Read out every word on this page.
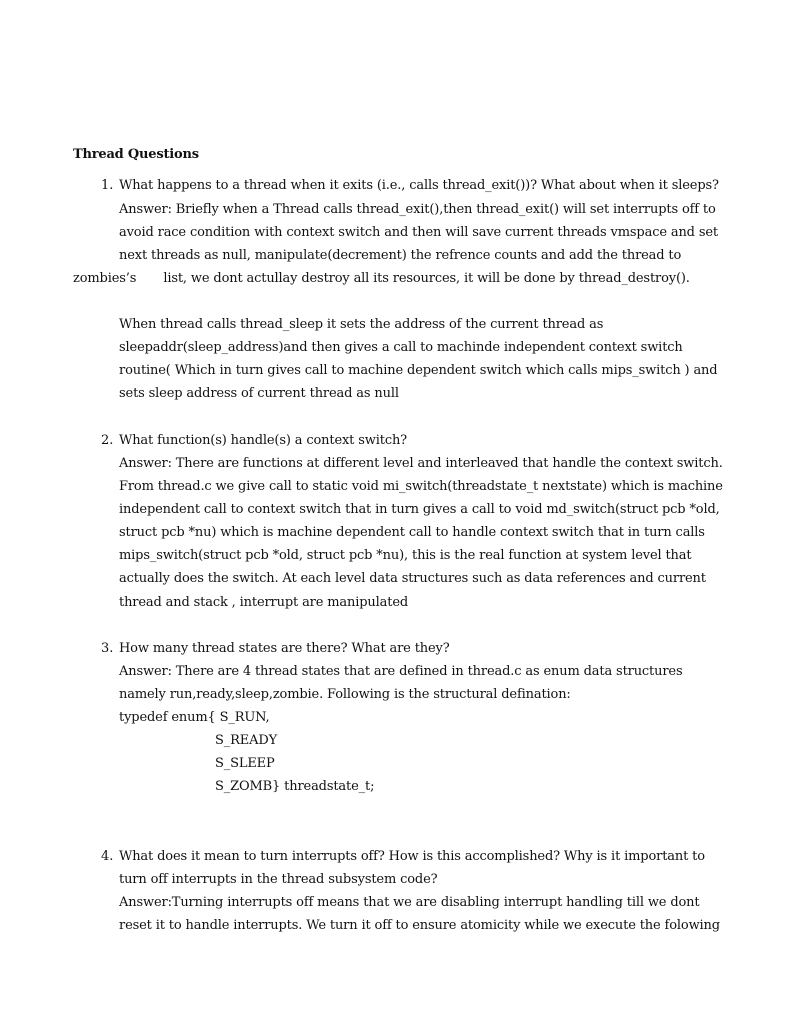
Thread Questions
1. What happens to a thread when it exits (i.e., calls thread_exit())? What about when it sleeps?
Answer: Briefly when a Thread calls thread_exit(),then thread_exit() will set interrupts off to
avoid race condition with context switch and then will save current threads vmspace and set
next threads as null, manipulate(decrement) the refrence counts and add the thread to
zombies’s list, we dont actullay destroy all its resources, it will be done by thread_destroy().
When thread calls thread_sleep it sets the address of the current thread as
sleepaddr(sleep_address)and then gives a call to machinde independent context switch
routine( Which in turn gives call to machine dependent switch which calls mips_switch ) and
sets sleep address of current thread as null
2. What function(s) handle(s) a context switch?
Answer: There are functions at different level and interleaved that handle the context switch.
From thread.c we give call to static void mi_switch(threadstate_t nextstate) which is machine
independent call to context switch that in turn gives a call to void md_switch(struct pcb *old,
struct pcb *nu) which is machine dependent call to handle context switch that in turn calls
mips_switch(struct pcb *old, struct pcb *nu), this is the real function at system level that
actually does the switch. At each level data structures such as data references and current
thread and stack , interrupt are manipulated
3. How many thread states are there? What are they?
Answer: There are 4 thread states that are defined in thread.c as enum data structures
namely run,ready,sleep,zombie. Following is the structural defination:
typedef enum{ S_RUN,
S_READY
S_SLEEP
S_ZOMB} threadstate_t;
4. What does it mean to turn interrupts off? How is this accomplished? Why is it important to
turn off interrupts in the thread subsystem code?
Answer:Turning interrupts off means that we are disabling interrupt handling till we dont
reset it to handle interrupts. We turn it off to ensure atomicity while we execute the folowing
